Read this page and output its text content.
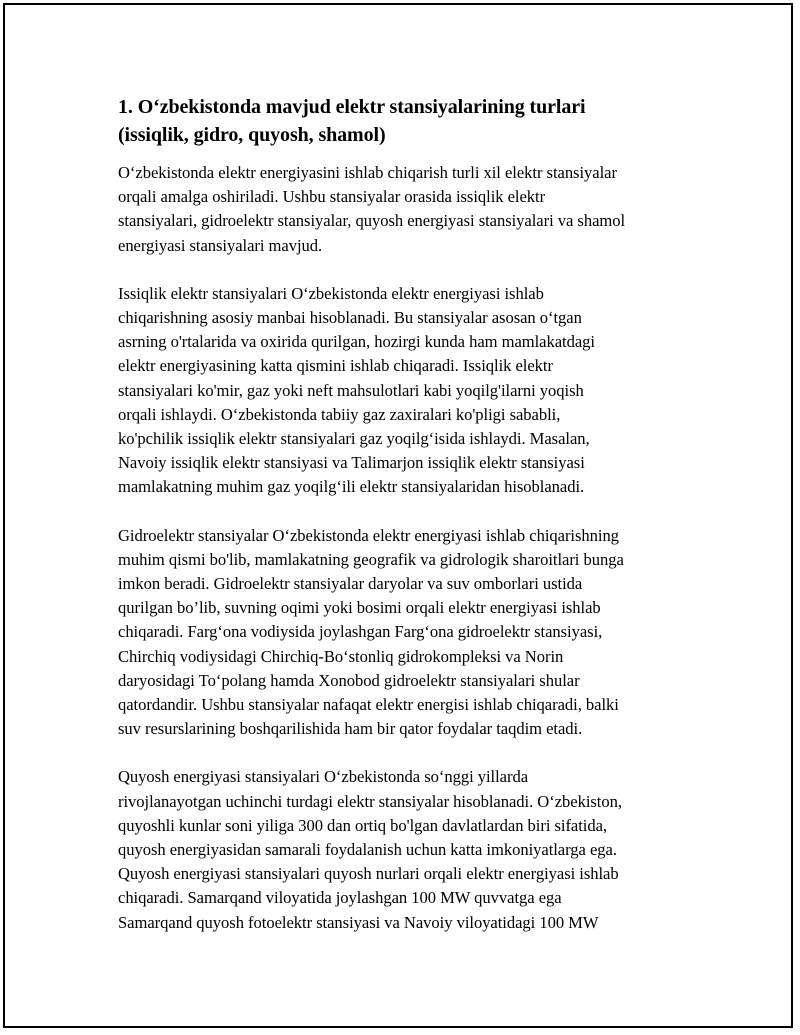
1. O‘zbekistonda mavjud elektr stansiyalarining turlari
(issiqlik, gidro, quyosh, shamol)

O‘zbekistonda elektr energiyasini ishlab chiqarish turli xil elektr stansiyalar
orqali amalga oshiriladi. Ushbu stansiyalar orasida issiqlik elektr
stansiyalari, gidroelektr stansiyalar, quyosh energiyasi stansiyalari va shamol
energiyasi stansiyalari mavjud.

Issiqlik elektr stansiyalari O‘zbekistonda elektr energiyasi ishlab
chiqarishning asosiy manbai hisoblanadi. Bu stansiyalar asosan o‘tgan
asrning o'rtalarida va oxirida qurilgan, hozirgi kunda ham mamlakatdagi
elektr energiyasining katta qismini ishlab chiqaradi. Issiqlik elektr
stansiyalari ko'mir, gaz yoki neft mahsulotlari kabi yoqilg'ilarni yoqish
orqali ishlaydi. O‘zbekistonda tabiiy gaz zaxiralari ko'pligi sababli,
ko'pchilik issiqlik elektr stansiyalari gaz yoqilg‘isida ishlaydi. Masalan,
Navoiy issiqlik elektr stansiyasi va Talimarjon issiqlik elektr stansiyasi
mamlakatning muhim gaz yoqilg‘ili elektr stansiyalaridan hisoblanadi.

Gidroelektr stansiyalar O‘zbekistonda elektr energiyasi ishlab chiqarishning
muhim qismi bo'lib, mamlakatning geografik va gidrologik sharoitlari bunga
imkon beradi. Gidroelektr stansiyalar daryolar va suv omborlari ustida
qurilgan bo’lib, suvning oqimi yoki bosimi orqali elektr energiyasi ishlab
chiqaradi. Farg‘ona vodiysida joylashgan Farg‘ona gidroelektr stansiyasi,
Chirchiq vodiysidagi Chirchiq-Bo‘stonliq gidrokompleksi va Norin
daryosidagi To‘polang hamda Xonobod gidroelektr stansiyalari shular
qatordandir. Ushbu stansiyalar nafaqat elektr energisi ishlab chiqaradi, balki
suv resurslarining boshqarilishida ham bir qator foydalar taqdim etadi.

Quyosh energiyasi stansiyalari O‘zbekistonda so‘nggi yillarda
rivojlanayotgan uchinchi turdagi elektr stansiyalar hisoblanadi. O‘zbekiston,
quyoshli kunlar soni yiliga 300 dan ortiq bo'lgan davlatlardan biri sifatida,
quyosh energiyasidan samarali foydalanish uchun katta imkoniyatlarga ega.
Quyosh energiyasi stansiyalari quyosh nurlari orqali elektr energiyasi ishlab
chiqaradi. Samarqand viloyatida joylashgan 100 MW quvvatga ega
Samarqand quyosh fotoelektr stansiyasi va Navoiy viloyatidagi 100 MW
